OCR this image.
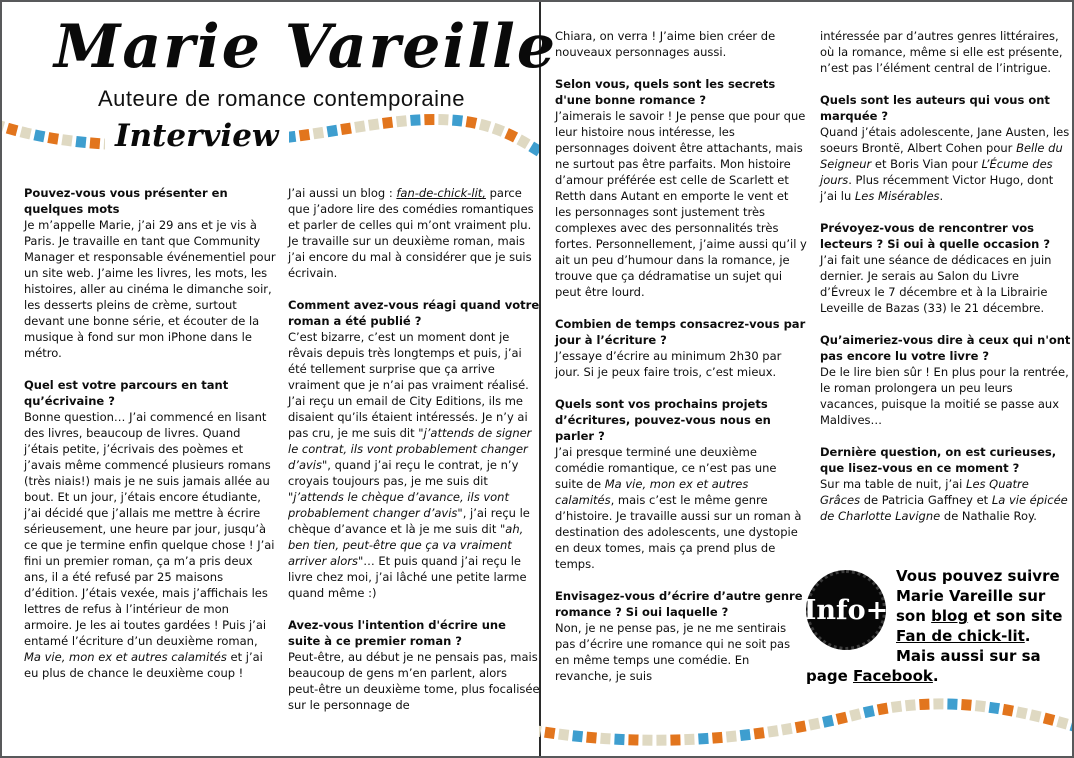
Marie Vareille
Auteure de romance contemporaine
Interview
Pouvez-vous vous présenter en quelques mots
Je m’appelle Marie, j’ai 29 ans et je vis à Paris. Je travaille en tant que Community Manager et responsable événementiel pour un site web. J’aime les livres, les mots, les histoires, aller au cinéma le dimanche soir, les desserts pleins de crème, surtout devant une bonne série, et écouter de la musique à fond sur mon iPhone dans le métro.
Quel est votre parcours en tant qu’écrivaine ?
Bonne question… J’ai commencé en lisant des livres, beaucoup de livres. Quand j’étais petite, j’écrivais des poèmes et j’avais même commencé plusieurs romans (très niais!) mais je ne suis jamais allée au bout. Et un jour, j’étais encore étudiante, j’ai décidé que j’allais me mettre à écrire sérieusement, une heure par jour, jusqu’à ce que je termine enfin quelque chose ! J’ai fini un premier roman, ça m’a pris deux ans, il a été refusé par 25 maisons d’édition. J’étais vexée, mais j’affichais les lettres de refus à l’intérieur de mon armoire. Je les ai toutes gardées ! Puis j’ai entamé l’écriture d’un deuxième roman, Ma vie, mon ex et autres calamités et j’ai eu plus de chance le deuxième coup !
J’ai aussi un blog : fan-de-chick-lit, parce que j’adore lire des comédies romantiques et parler de celles qui m’ont vraiment plu. Je travaille sur un deuxième roman, mais j’ai encore du mal à considérer que je suis écrivain.
Comment avez-vous réagi quand votre roman a été publié ?
C’est bizarre, c’est un moment dont je rêvais depuis très longtemps et puis, j’ai été tellement surprise que ça arrive vraiment que je n’ai pas vraiment réalisé. J’ai reçu un email de City Editions, ils me disaient qu’ils étaient intéressés. Je n’y ai pas cru, je me suis dit "j’attends de signer le contrat, ils vont probablement changer d’avis", quand j’ai reçu le contrat, je n’y croyais toujours pas, je me suis dit "j’attends le chèque d’avance, ils vont probablement changer d’avis", j’ai reçu le chèque d’avance et là je me suis dit "ah, ben tien, peut-être que ça va vraiment arriver alors"… Et puis quand j’ai reçu le livre chez moi, j’ai lâché une petite larme quand même :)
Avez-vous l'intention d'écrire une suite à ce premier roman ?
Peut-être, au début je ne pensais pas, mais beaucoup de gens m’en parlent, alors peut-être un deuxième tome, plus focalisée sur le personnage de
Chiara, on verra ! J’aime bien créer de nouveaux personnages aussi.
Selon vous, quels sont les secrets d'une bonne romance ?
J’aimerais le savoir ! Je pense que pour que leur histoire nous intéresse, les personnages doivent être attachants, mais ne surtout pas être parfaits. Mon histoire d’amour préférée est celle de Scarlett et Retth dans Autant en emporte le vent et les personnages sont justement très complexes avec des personnalités très fortes. Personnellement, j’aime aussi qu’il y ait un peu d’humour dans la romance, je trouve que ça dédramatise un sujet qui peut être lourd.
Combien de temps consacrez-vous par jour à l’écriture ?
J’essaye d’écrire au minimum 2h30 par jour. Si je peux faire trois, c’est mieux.
Quels sont vos prochains projets d’écritures, pouvez-vous nous en parler ?
J’ai presque terminé une deuxième comédie romantique, ce n’est pas une suite de Ma vie, mon ex et autres calamités, mais c’est le même genre d’histoire. Je travaille aussi sur un roman à destination des adolescents, une dystopie en deux tomes, mais ça prend plus de temps.
Envisagez-vous d’écrire d’autre genre romance ? Si oui laquelle ?
Non, je ne pense pas, je ne me sentirais pas d’écrire une romance qui ne soit pas en même temps une comédie. En revanche, je suis
intéressée par d’autres genres littéraires, où la romance, même si elle est présente, n’est pas l’élément central de l’intrigue.
Quels sont les auteurs qui vous ont marquée ?
Quand j’étais adolescente, Jane Austen, les soeurs Brontë, Albert Cohen pour Belle du Seigneur et Boris Vian pour L’Écume des jours. Plus récemment Victor Hugo, dont j’ai lu Les Misérables.
Prévoyez-vous de rencontrer vos lecteurs ? Si oui à quelle occasion ?
J’ai fait une séance de dédicaces en juin dernier. Je serais au Salon du Livre d’Évreux le 7 décembre et à la Librairie Leveille de Bazas (33) le 21 décembre.
Qu’aimeriez-vous dire à ceux qui n'ont pas encore lu votre livre ?
De le lire bien sûr ! En plus pour la rentrée, le roman prolongera un peu leurs vacances, puisque la moitié se passe aux Maldives…
Dernière question, on est curieuses, que lisez-vous en ce moment ?
Sur ma table de nuit, j’ai Les Quatre Grâces de Patricia Gaffney et La vie épicée de Charlotte Lavigne de Nathalie Roy.
Info+
Vous pouvez suivre Marie Vareille sur son blog et son site Fan de chick-lit.
Mais aussi sur sa page Facebook.
